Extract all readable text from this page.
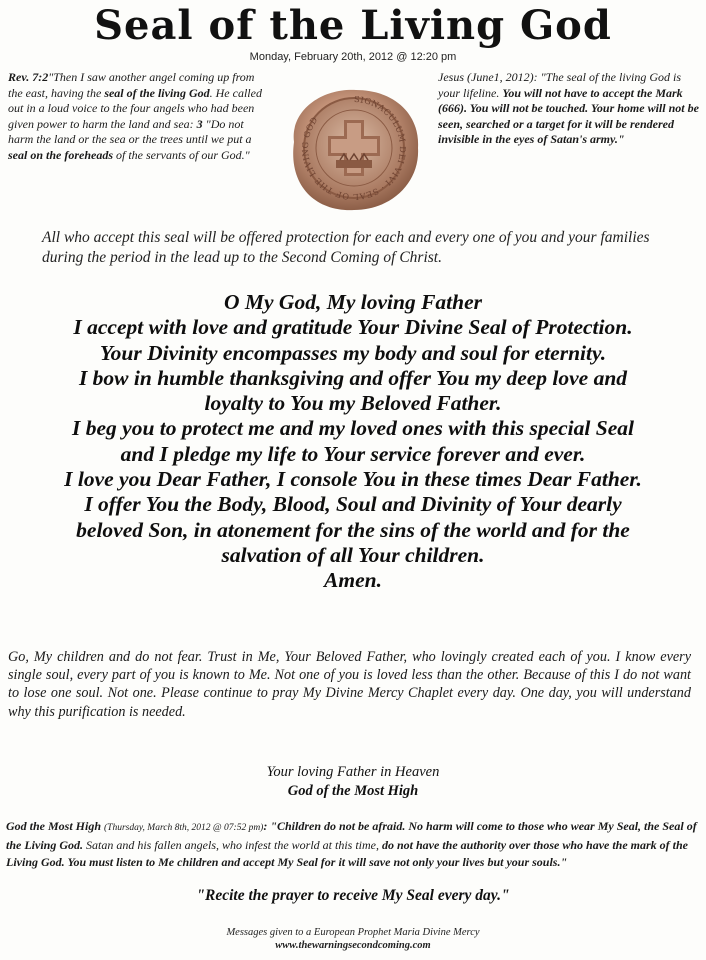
Seal of the Living God
Monday, February 20th, 2012 @ 12:20 pm
Rev. 7:2"Then I saw another angel coming up from the east, having the seal of the living God. He called out in a loud voice to the four angels who had been given power to harm the land and sea: 3 "Do not harm the land or the sea or the trees until we put a seal on the foreheads of the servants of our God."
SIGNACULUM DEI VIVI ⋅ SEAL OF THE LIVING GOD
Jesus (June1, 2012): "The seal of the living God is your lifeline. You will not have to accept the Mark (666). You will not be touched. Your home will not be seen, searched or a target for it will be rendered invisible in the eyes of Satan's army."
All who accept this seal will be offered protection for each and every one of you and your families during the period in the lead up to the Second Coming of Christ.
O My God, My loving Father
I accept with love and gratitude Your Divine Seal of Protection.
Your Divinity encompasses my body and soul for eternity.
I bow in humble thanksgiving and offer You my deep love and
loyalty to You my Beloved Father.
I beg you to protect me and my loved ones with this special Seal
and I pledge my life to Your service forever and ever.
I love you Dear Father, I console You in these times Dear Father.
I offer You the Body, Blood, Soul and Divinity of Your dearly
beloved Son, in atonement for the sins of the world and for the
salvation of all Your children.
Amen.
Go, My children and do not fear. Trust in Me, Your Beloved Father, who lovingly created each of you. I know every single soul, every part of you is known to Me. Not one of you is loved less than the other. Because of this I do not want to lose one soul. Not one. Please continue to pray My Divine Mercy Chaplet every day. One day, you will understand why this purification is needed.
Your loving Father in Heaven
God of the Most High
God the Most High (Thursday, March 8th, 2012 @ 07:52 pm): "Children do not be afraid. No harm will come to those who wear My Seal, the Seal of the Living God. Satan and his fallen angels, who infest the world at this time, do not have the authority over those who have the mark of the Living God. You must listen to Me children and accept My Seal for it will save not only your lives but your souls."
"Recite the prayer to receive My Seal every day."
Messages given to a European Prophet Maria Divine Mercy
www.thewarningsecondcoming.com
